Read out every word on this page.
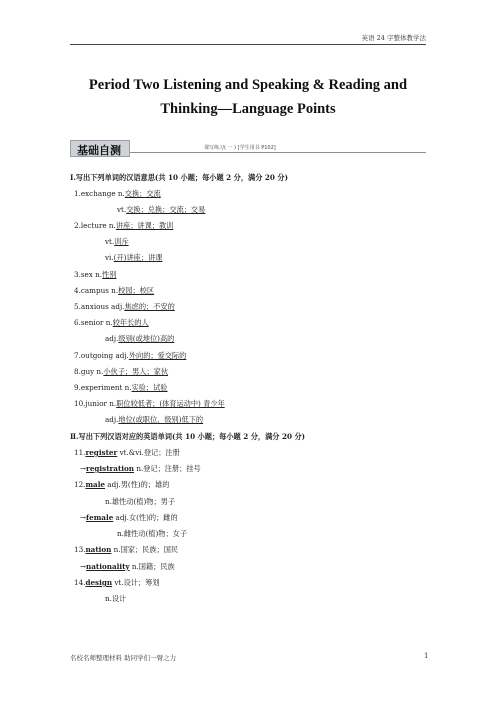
英语 24 字整体教学法
Period Two Listening and Speaking & Reading and
Thinking—Language Points
基础自测	课写练习( 一 ) [学生用书 P102]
Ⅰ.写出下列单词的汉语意思(共 10 小题；每小题 2 分，满分 20 分)
1.exchange n.交换；交流
vt.交换；兑换；交流；交易
2.lecture n.讲座；讲课；教训
vt.训斥
vi.(开)讲座；讲课
3.sex n.性别
4.campus n.校园；校区
5.anxious adj.焦虑的；不安的
6.senior n.较年长的人
adj.级别(或地位)高的
7.outgoing adj.外向的；爱交际的
8.guy n.小伙子；男人；家伙
9.experiment n.实验；试验
10.junior n.职位较低者；(体育运动中) 青少年
adj.地位(或职位、级别)低下的
Ⅱ.写出下列汉语对应的英语单词(共 10 小题；每小题 2 分，满分 20 分)
11.register vt.&vi.登记；注册
→registration n.登记；注册；挂号
12.male adj.男(性)的；雄的
n.雄性动(植)物；男子
→female adj.女(性)的；雌的
n.雌性动(植)物；女子
13.nation n.国家；民族；国民
→nationality n.国籍；民族
14.design vt.设计；筹划
n.设计
名校名师整理材料 助同学们一臂之力	1
